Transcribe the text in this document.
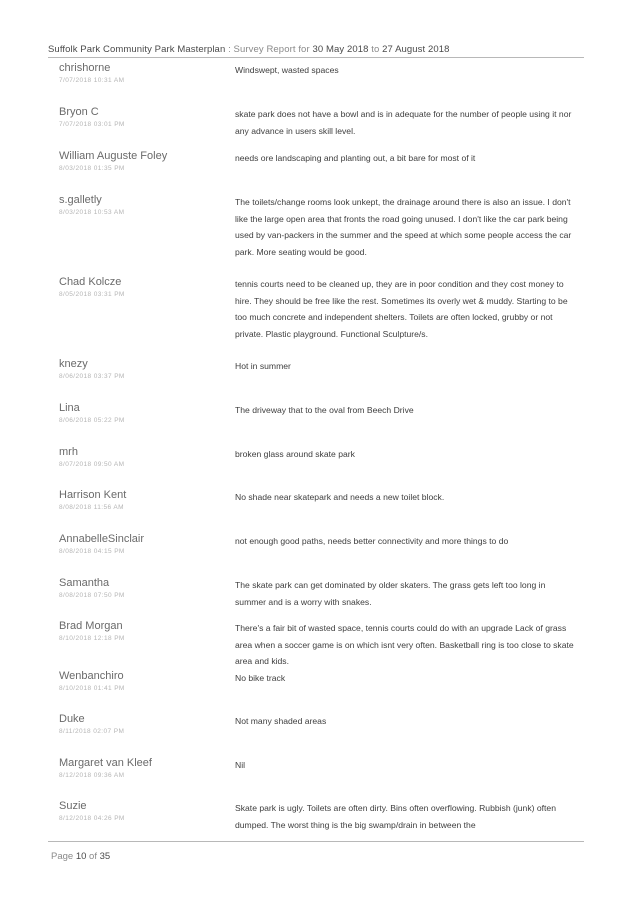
Suffolk Park Community Park Masterplan : Survey Report for 30 May 2018 to 27 August 2018
chrishorne
7/07/2018 10:31 AM
Windswept, wasted spaces
Bryon C
7/07/2018 03:01 PM
skate park does not have a bowl and is in adequate for the number of people using it nor any advance in users skill level.
William Auguste Foley
8/03/2018 01:35 PM
needs ore landscaping and planting out, a bit bare for most of it
s.galletly
8/03/2018 10:53 AM
The toilets/change rooms look unkept, the drainage around there is also an issue. I don't like the large open area that fronts the road going unused. I don't like the car park being used by van-packers in the summer and the speed at which some people access the car park. More seating would be good.
Chad Kolcze
8/05/2018 03:31 PM
tennis courts need to be cleaned up, they are in poor condition and they cost money to hire. They should be free like the rest. Sometimes its overly wet & muddy. Starting to be too much concrete and independent shelters. Toilets are often locked, grubby or not private. Plastic playground. Functional Sculpture/s.
knezy
8/06/2018 03:37 PM
Hot in summer
Lina
8/06/2018 05:22 PM
The driveway that to the oval from Beech Drive
mrh
8/07/2018 09:50 AM
broken glass around skate park
Harrison Kent
8/08/2018 11:56 AM
No shade near skatepark and needs a new toilet block.
AnnabelleSinclair
8/08/2018 04:15 PM
not enough good paths, needs better connectivity and more things to do
Samantha
8/08/2018 07:50 PM
The skate park can get dominated by older skaters. The grass gets left too long in summer and is a worry with snakes.
Brad Morgan
8/10/2018 12:18 PM
There's a fair bit of wasted space, tennis courts could do with an upgrade Lack of grass area when a soccer game is on which isnt very often. Basketball ring is too close to skate area and kids.
Wenbanchiro
8/10/2018 01:41 PM
No bike track
Duke
8/11/2018 02:07 PM
Not many shaded areas
Margaret van Kleef
8/12/2018 09:36 AM
Nil
Suzie
8/12/2018 04:26 PM
Skate park is ugly. Toilets are often dirty. Bins often overflowing. Rubbish (junk) often dumped. The worst thing is the big swamp/drain in between the
Page 10 of 35
